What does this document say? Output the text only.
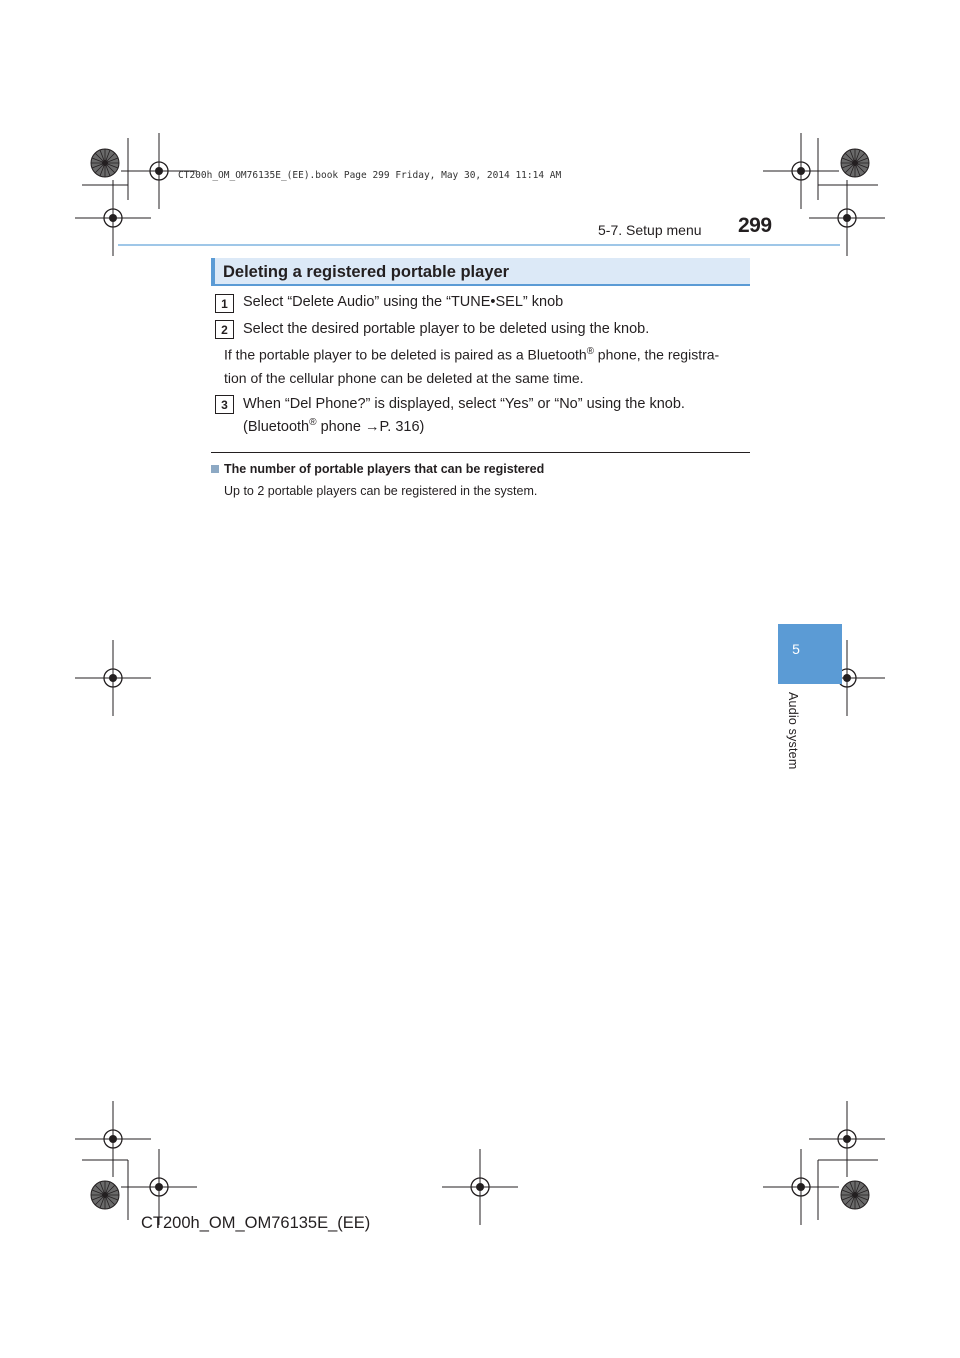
CT200h_OM_OM76135E_(EE).book Page 299 Friday, May 30, 2014 11:14 AM
5-7. Setup menu 299
Deleting a registered portable player
1	Select “Delete Audio” using the “TUNE•SEL” knob
2	Select the desired portable player to be deleted using the knob.
If the portable player to be deleted is paired as a Bluetooth® phone, the registra-
tion of the cellular phone can be deleted at the same time.
3	When “Del Phone?” is displayed, select “Yes” or “No” using the knob.
(Bluetooth® phone →P. 316)
The number of portable players that can be registered
Up to 2 portable players can be registered in the system.
5
Audio system
CT200h_OM_OM76135E_(EE)
